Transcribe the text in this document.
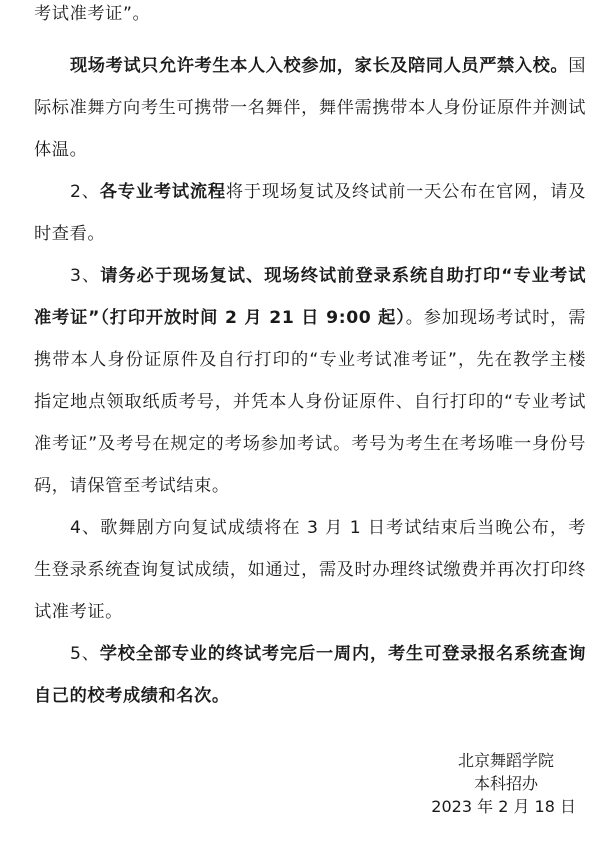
考试准考证”。

现场考试只允许考生本人入校参加，家长及陪同人员严禁入校。国际标准舞方向考生可携带一名舞伴，舞伴需携带本人身份证原件并测试体温。

2、各专业考试流程将于现场复试及终试前一天公布在官网，请及时查看。

3、请务必于现场复试、现场终试前登录系统自助打印“专业考试准考证”（打印开放时间 2 月 21 日 9:00 起）。参加现场考试时，需携带本人身份证原件及自行打印的“专业考试准考证”，先在教学主楼指定地点领取纸质考号，并凭本人身份证原件、自行打印的“专业考试准考证”及考号在规定的考场参加考试。考号为考生在考场唯一身份号码，请保管至考试结束。

4、歌舞剧方向复试成绩将在 3 月 1 日考试结束后当晚公布，考生登录系统查询复试成绩，如通过，需及时办理终试缴费并再次打印终试准考证。

5、学校全部专业的终试考完后一周内，考生可登录报名系统查询自己的校考成绩和名次。

北京舞蹈学院
本科招办
2023 年 2 月 18 日
